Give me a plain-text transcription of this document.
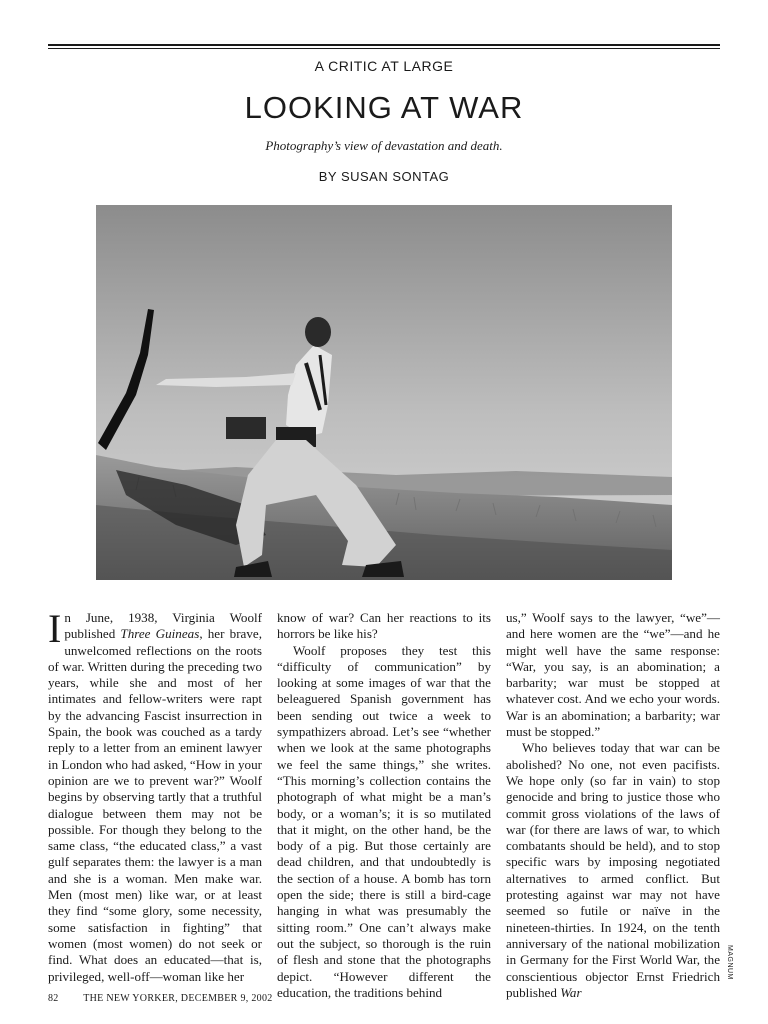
A CRITIC AT LARGE
LOOKING AT WAR
Photography’s view of devastation and death.
BY SUSAN SONTAG
MAGNUM

In June, 1938, Virginia Woolf published Three Guineas, her brave, unwelcomed reflections on the roots of war. Written during the preceding two years, while she and most of her intimates and fellow-writers were rapt by the advancing Fascist insurrection in Spain, the book was couched as a tardy reply to a letter from an eminent lawyer in London who had asked, “How in your opinion are we to prevent war?” Woolf begins by observing tartly that a truthful dialogue between them may not be possible. For though they belong to the same class, “the educated class,” a vast gulf separates them: the lawyer is a man and she is a woman. Men make war. Men (most men) like war, or at least they find “some glory, some necessity, some satisfaction in fighting” that women (most women) do not seek or find. What does an educated—that is, privileged, well-off—woman like her

know of war? Can her reactions to its horrors be like his?

Woolf proposes they test this “difficulty of communication” by looking at some images of war that the beleaguered Spanish government has been sending out twice a week to sympathizers abroad. Let’s see “whether when we look at the same photographs we feel the same things,” she writes. “This morning’s collection contains the photograph of what might be a man’s body, or a woman’s; it is so mutilated that it might, on the other hand, be the body of a pig. But those certainly are dead children, and that undoubtedly is the section of a house. A bomb has torn open the side; there is still a bird-cage hanging in what was presumably the sitting room.” One can’t always make out the subject, so thorough is the ruin of flesh and stone that the photographs depict. “However different the education, the traditions behind

us,” Woolf says to the lawyer, “we”—and here women are the “we”—and he might well have the same response: “War, you say, is an abomination; a barbarity; war must be stopped at whatever cost. And we echo your words. War is an abomination; a barbarity; war must be stopped.”

Who believes today that war can be abolished? No one, not even pacifists. We hope only (so far in vain) to stop genocide and bring to justice those who commit gross violations of the laws of war (for there are laws of war, to which combatants should be held), and to stop specific wars by imposing negotiated alternatives to armed conflict. But protesting against war may not have seemed so futile or naïve in the nineteen-thirties. In 1924, on the tenth anniversary of the national mobilization in Germany for the First World War, the conscientious objector Ernst Friedrich published War

82 THE NEW YORKER, DECEMBER 9, 2002
